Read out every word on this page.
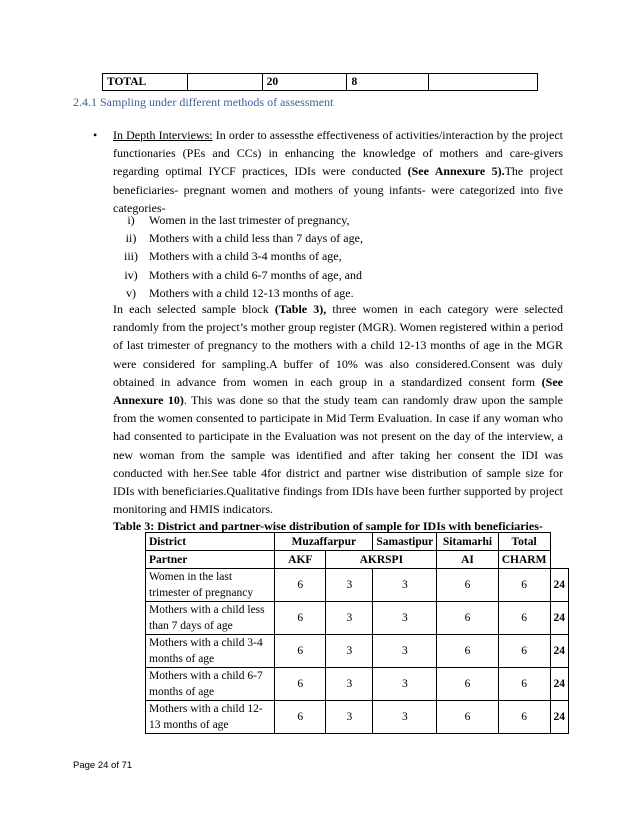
TOTAL		20	8	
2.4.1 Sampling under different methods of assessment
• In Depth Interviews: In order to assessthe effectiveness of activities/interaction by the project functionaries (PEs and CCs) in enhancing the knowledge of mothers and care-givers regarding optimal IYCF practices, IDIs were conducted (See Annexure 5).The project beneficiaries- pregnant women and mothers of young infants- were categorized into five categories-
i)	Women in the last trimester of pregnancy,
ii)	Mothers with a child less than 7 days of age,
iii) Mothers with a child 3-4 months of age,
iv) Mothers with a child 6-7 months of age, and
v)	Mothers with a child 12-13 months of age.
In each selected sample block (Table 3), three women in each category were selected randomly from the project’s mother group register (MGR). Women registered within a period of last trimester of pregnancy to the mothers with a child 12-13 months of age in the MGR were considered for sampling.A buffer of 10% was also considered.Consent was duly obtained in advance from women in each group in a standardized consent form (See Annexure 10). This was done so that the study team can randomly draw upon the sample from the women consented to participate in Mid Term Evaluation. In case if any woman who had consented to participate in the Evaluation was not present on the day of the interview, a new woman from the sample was identified and after taking her consent the IDI was conducted with her.See table 4for district and partner wise distribution of sample size for IDIs with beneficiaries.Qualitative findings from IDIs have been further supported by project monitoring and HMIS indicators.
Table 3: District and partner-wise distribution of sample for IDIs with beneficiaries-
District	Muzaffarpur		Samastipur	Sitamarhi	Total	
Partner	AKF	AKRSPI		AI	CHARM	
Women in the last trimester of pregnancy	6	3	3	6	6	24
Mothers with a child less than 7 days of age	6	3	3	6	6	24
Mothers with a child 3-4 months of age	6	3	3	6	6	24
Mothers with a child 6-7 months of age	6	3	3	6	6	24
Mothers with a child 12-13 months of age	6	3	3	6	6	24
Page 24 of 71
